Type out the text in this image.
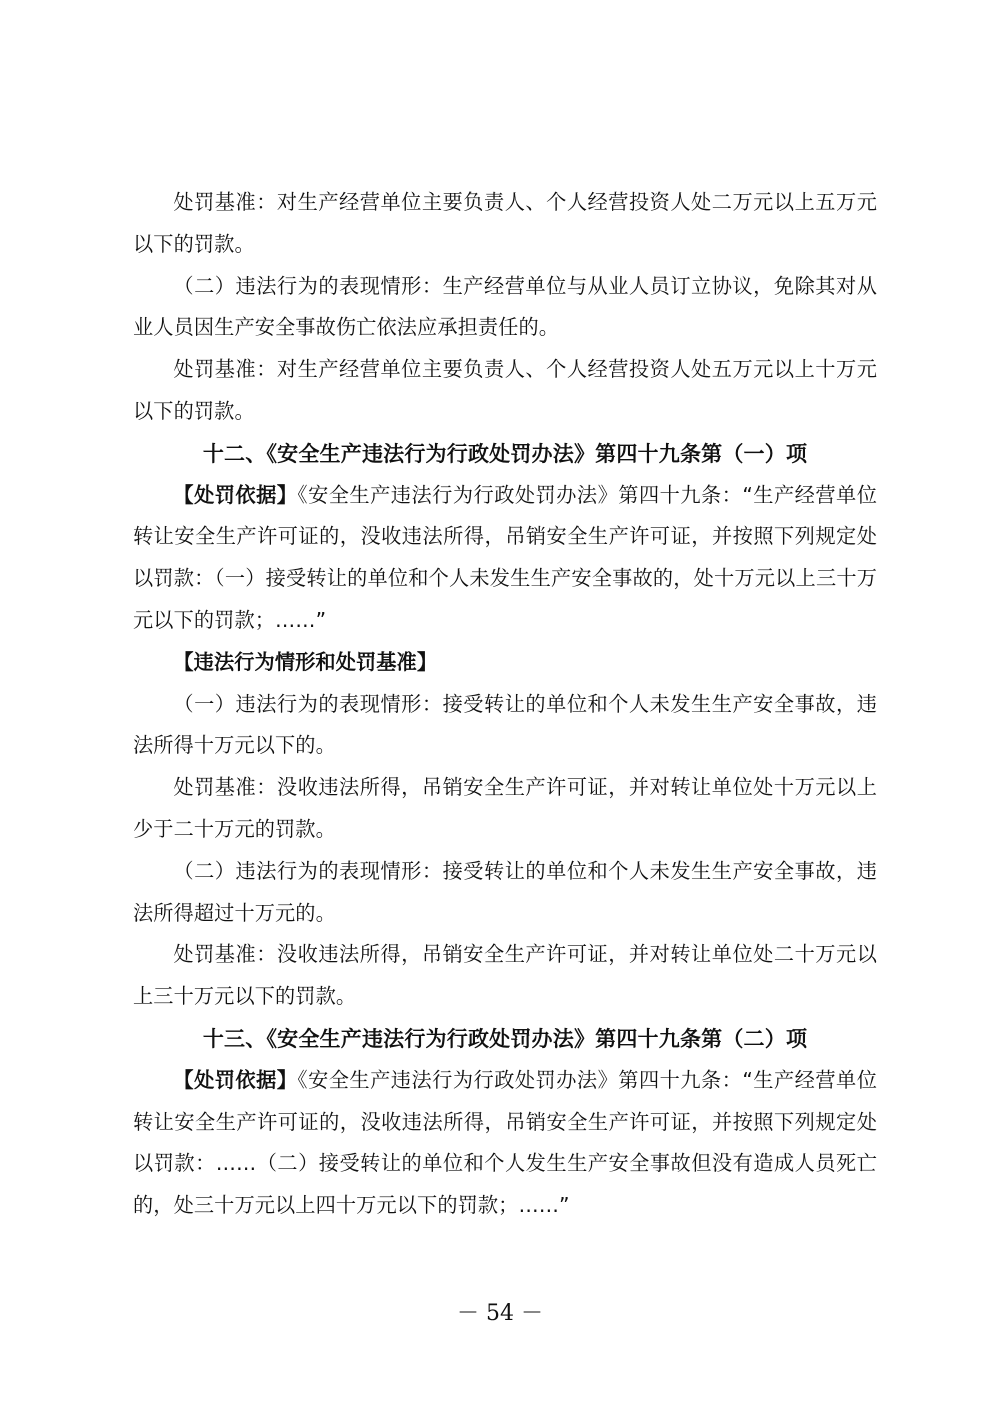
处罚基准：对生产经营单位主要负责人、个人经营投资人处二万元以上五万元以下的罚款。

（二）违法行为的表现情形：生产经营单位与从业人员订立协议，免除其对从业人员因生产安全事故伤亡依法应承担责任的。

处罚基准：对生产经营单位主要负责人、个人经营投资人处五万元以上十万元以下的罚款。

十二、《安全生产违法行为行政处罚办法》第四十九条第（一）项

【处罚依据】《安全生产违法行为行政处罚办法》第四十九条：“生产经营单位转让安全生产许可证的，没收违法所得，吊销安全生产许可证，并按照下列规定处以罚款：（一）接受转让的单位和个人未发生生产安全事故的，处十万元以上三十万元以下的罚款；……”

【违法行为情形和处罚基准】

（一）违法行为的表现情形：接受转让的单位和个人未发生生产安全事故，违法所得十万元以下的。

处罚基准：没收违法所得，吊销安全生产许可证，并对转让单位处十万元以上少于二十万元的罚款。

（二）违法行为的表现情形：接受转让的单位和个人未发生生产安全事故，违法所得超过十万元的。

处罚基准：没收违法所得，吊销安全生产许可证，并对转让单位处二十万元以上三十万元以下的罚款。

十三、《安全生产违法行为行政处罚办法》第四十九条第（二）项

【处罚依据】《安全生产违法行为行政处罚办法》第四十九条：“生产经营单位转让安全生产许可证的，没收违法所得，吊销安全生产许可证，并按照下列规定处以罚款：……（二）接受转让的单位和个人发生生产安全事故但没有造成人员死亡的，处三十万元以上四十万元以下的罚款；……”

－ 54 －
